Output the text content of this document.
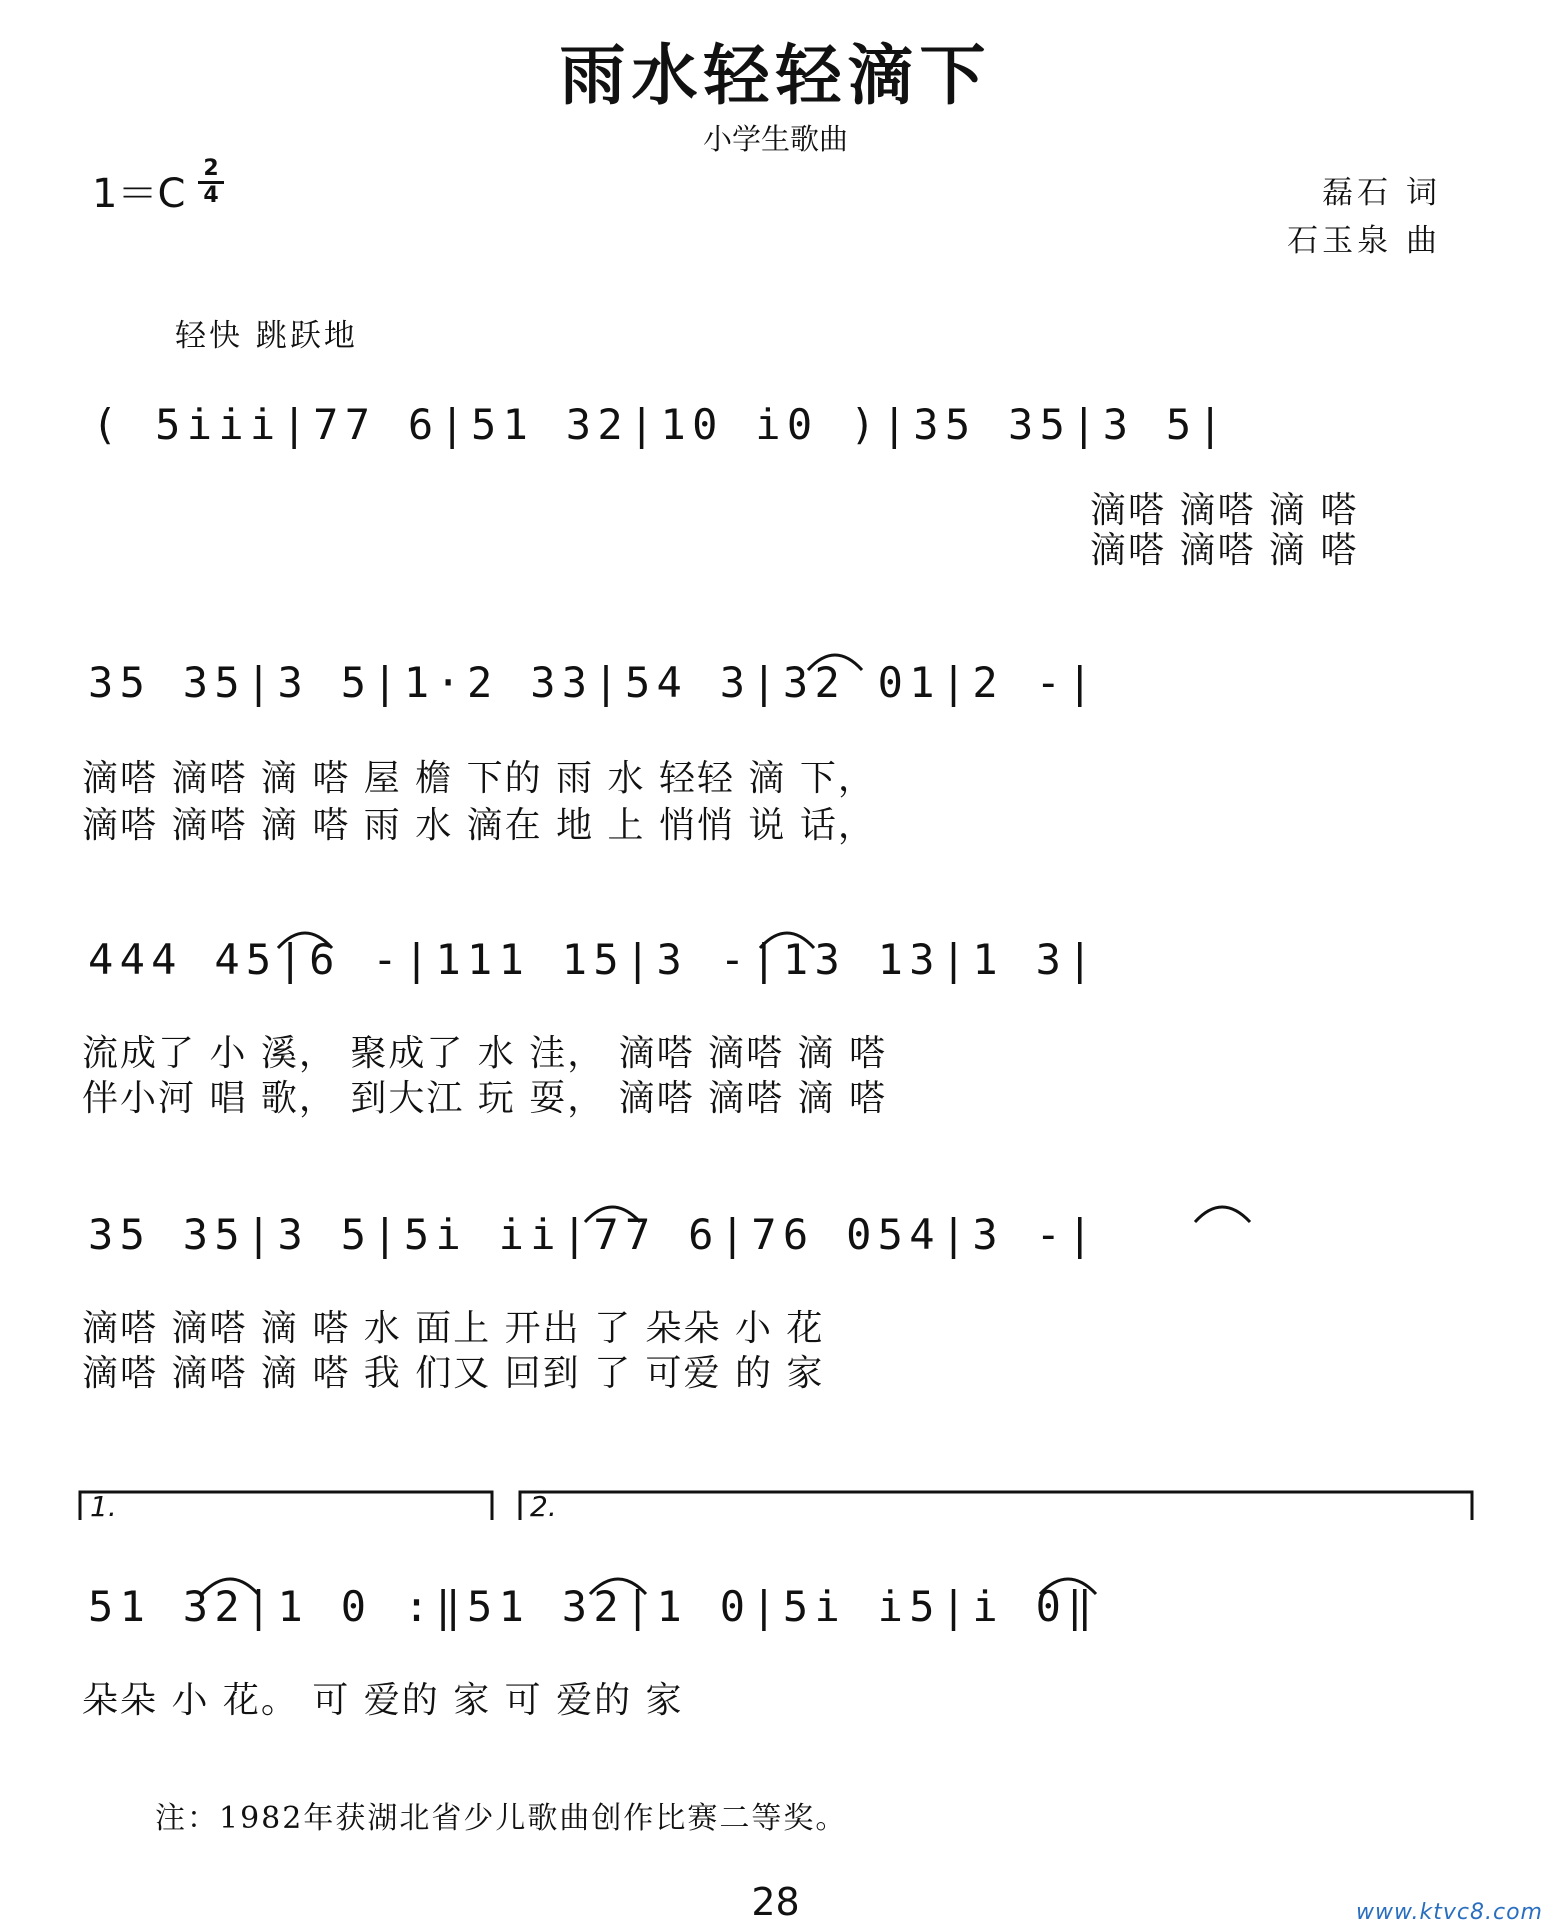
雨水轻轻滴下
小学生歌曲
1＝C
2
4	磊石 词
石玉泉 曲
轻快 跳跃地
( 5i̇i̇i̇|77 6|51 32|10 i̇0 )|35 35|3 5|
滴嗒 滴嗒 滴 嗒
滴嗒 滴嗒 滴 嗒
35 35|3 5|1·2 33|54 3|32 01|2 -|
滴嗒 滴嗒 滴 嗒 屋 檐 下的 雨 水 轻轻 滴 下，
滴嗒 滴嗒 滴 嗒 雨 水 滴在 地 上 悄悄 说 话，
444 45|6 -|111 15|3 -|13 13|1 3|
流成了 小 溪， 聚成了 水 洼， 滴嗒 滴嗒 滴 嗒
伴小河 唱 歌， 到大江 玩 耍， 滴嗒 滴嗒 滴 嗒
35 35|3 5|5i̇ i̇i̇|77 6|76 054|3 -|
滴嗒 滴嗒 滴 嗒 水 面上 开出 了 朵朵 小 花
滴嗒 滴嗒 滴 嗒 我 们又 回到 了 可爱 的 家
1.	2.
51 32|1 0 :‖51 32|1 0|5i̇ i̇5|i̇ 0‖
朵朵 小 花。 可 爱的 家 可 爱的 家
注：1982年获湖北省少儿歌曲创作比赛二等奖。
28	www.ktvc8.com
